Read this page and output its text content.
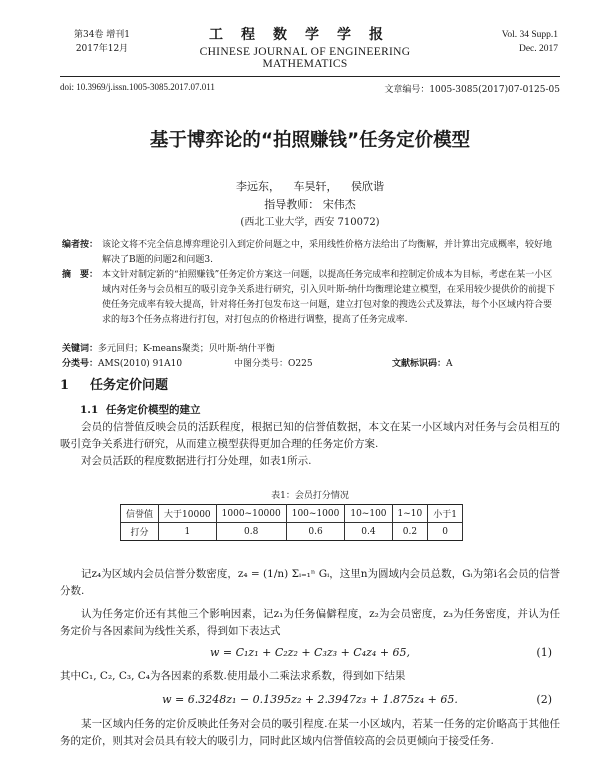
第34卷 增刊1
2017年12月
工程数学学报
CHINESE JOURNAL OF ENGINEERING MATHEMATICS
Vol. 34 Supp.1
Dec. 2017
doi: 10.3969/j.issn.1005-3085.2017.07.011	文章编号：1005-3085(2017)07-0125-05
基于博弈论的“拍照赚钱”任务定价模型
李远东， 车昊轩， 侯欣谐
指导教师： 宋伟杰
(西北工业大学，西安 710072)
编者按： 该论文将不完全信息博弈理论引入到定价问题之中，采用线性价格方法给出了均衡解，并计算出完成概率，较好地解决了B题的问题2和问题3.
摘　要： 本文针对制定新的“拍照赚钱”任务定价方案这一问题，以提高任务完成率和控制定价成本为目标，考虑在某一小区域内对任务与会员相互的吸引竞争关系进行研究，引入贝叶斯-纳什均衡理论建立模型，在采用较少提供价的前提下使任务完成率有较大提高，针对将任务打包发布这一问题，建立打包对象的搜选公式及算法，每个小区域内符合要求的每3个任务点将进行打包，对打包点的价格进行调整，提高了任务完成率.
关键词：多元回归；K-means聚类；贝叶斯-纳什平衡
分类号：AMS(2010) 91A10	中图分类号：O225	文献标识码：A
1 任务定价问题
1.1 任务定价模型的建立
会员的信誉值反映会员的活跃程度，根据已知的信誉值数据，本文在某一小区域内对任务与会员相互的吸引竞争关系进行研究，从而建立模型获得更加合理的任务定价方案.
对会员活跃的程度数据进行打分处理，如表1所示.
表1：会员打分情况
信誉值	大于10000	1000~10000	100~1000	10~100	1~10	小于1
打分	1	0.8	0.6	0.4	0.2	0
记z₄为区域内会员信誉分数密度，z₄ = (1/n) Σᵢ₌₁ⁿ Gᵢ，这里n为圆域内会员总数，Gᵢ为第i名会员的信誉分数.
认为任务定价还有其他三个影响因素，记z₁为任务偏僻程度，z₂为会员密度，z₃为任务密度，并认为任务定价与各因素间为线性关系，得到如下表达式
w = C₁z₁ + C₂z₂ + C₃z₃ + C₄z₄ + 65,	(1)
其中C₁, C₂, C₃, C₄为各因素的系数.使用最小二乘法求系数，得到如下结果
w = 6.3248z₁ − 0.1395z₂ + 2.3947z₃ + 1.875z₄ + 65.	(2)
某一区域内任务的定价反映此任务对会员的吸引程度.在某一小区域内，若某一任务的定价略高于其他任务的定价，则其对会员具有较大的吸引力，同时此区域内信誉值较高的会员更倾向于接受任务.
